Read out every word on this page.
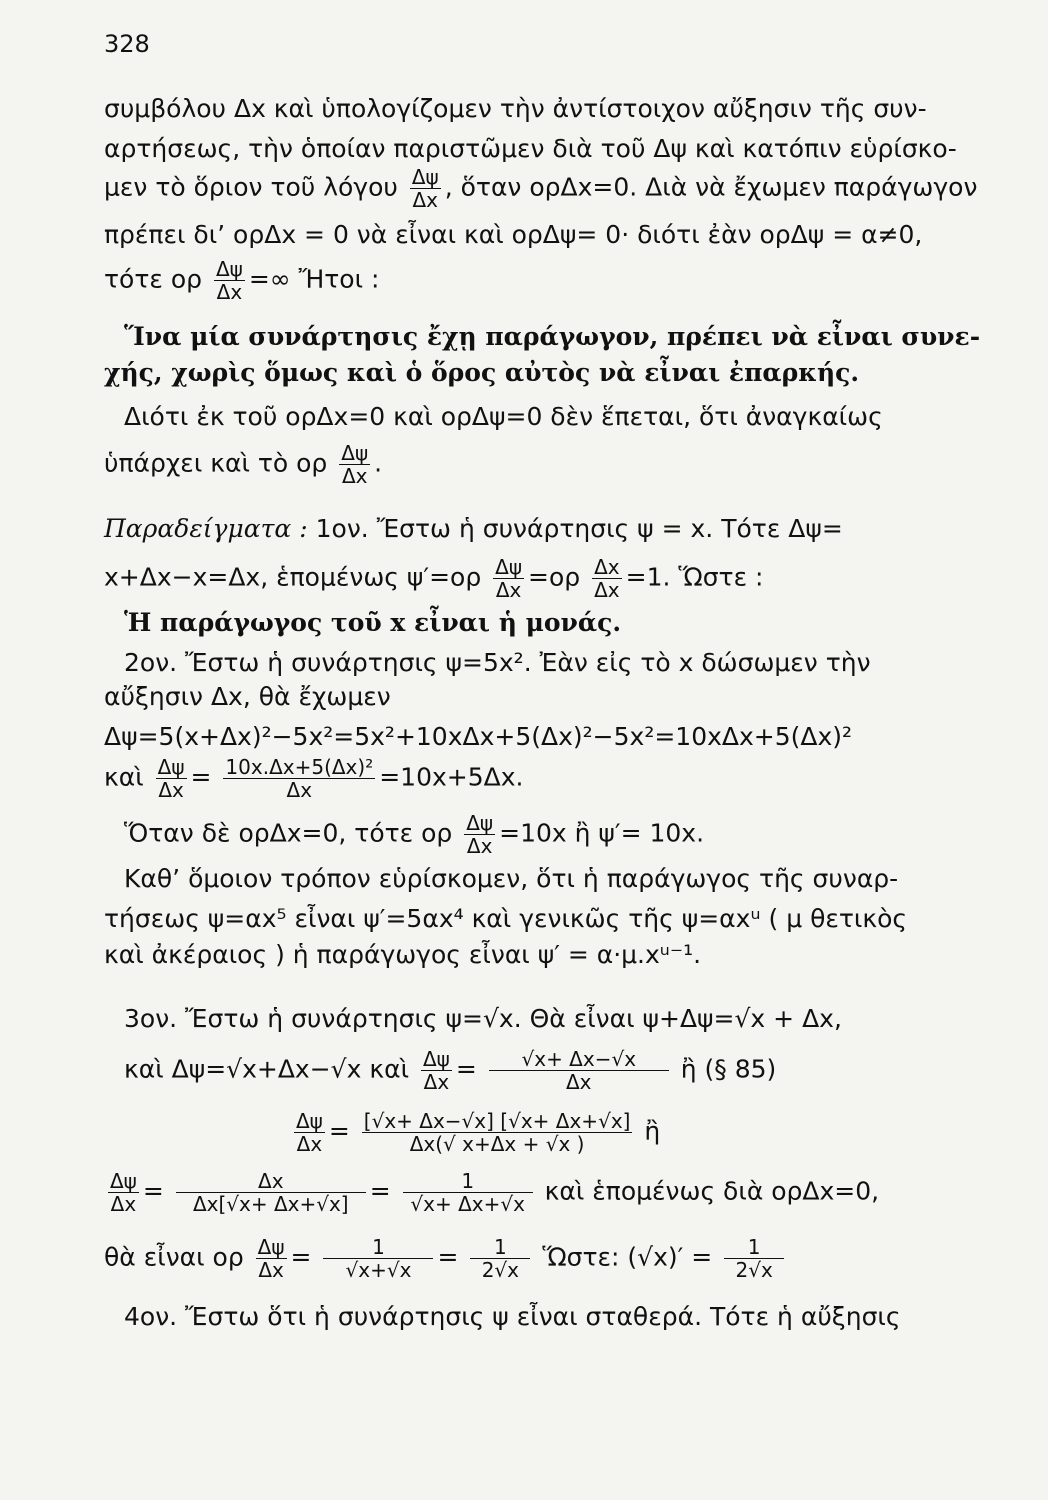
328
συμβόλου Δx καὶ ὑπολογίζομεν τὴν ἀντίστοιχον αὔξησιν τῆς συν-
αρτήσεως, τὴν ὁποίαν παριστῶμεν διὰ τοῦ Δψ καὶ κατόπιν εὑρίσκο-
μεν τὸ ὅριον τοῦ λόγου $\frac{\Delta\psi}{\Delta x}$ , ὅταν ορΔx=0. Διὰ νὰ ἔχωμεν παράγωγον
πρέπει δι’ ορΔx = 0 νὰ εἶναι καὶ ορΔψ= 0· διότι ἐὰν ορΔψ = α≠0,
τότε ορ $\frac{\Delta\psi}{\Delta x}$ =∞ Ἤτοι :
Ἵνα μία συνάρτησις ἔχῃ παράγωγον, πρέπει νὰ εἶναι συνε-
χής, χωρὶς ὅμως καὶ ὁ ὅρος αὐτὸς νὰ εἶναι ἐπαρκής.
Διότι ἐκ τοῦ ορΔx=0 καὶ ορΔψ=0 δὲν ἕπεται, ὅτι ἀναγκαίως
ὑπάρχει καὶ τὸ ορ $\frac{\Delta\psi}{\Delta x}$ .
Παραδείγματα : 1ον. Ἔστω ἡ συνάρτησις ψ = x. Τότε Δψ=
x+Δx−x=Δx, ἑπομένως $\psi'=o\rho \frac{\Delta\psi}{\Delta x} =o\rho \frac{\Delta x}{\Delta x} =1$. Ὥστε :
Ἡ παράγωγος τοῦ x εἶναι ἡ μονάς.
2ον. Ἔστω ἡ συνάρτησις ψ=5x². Ἐὰν εἰς τὸ x δώσωμεν τὴν
αὔξησιν Δx, θὰ ἔχωμεν
Δψ=5(x+Δx)²−5x²=5x²+10xΔx+5(Δx)²−5x²=10xΔx+5(Δx)²
καὶ $\frac{\Delta\psi}{\Delta x} = \frac{\text{10x.Δx+5(Δx)²}}{\Delta x} =10x+5\Delta x$.
Ὅταν δὲ ορΔx=0, τότε ορ $\frac{\Delta\psi}{\Delta x} =10x$ ἢ ψ′= 10x.
Καθ’ ὅμοιον τρόπον εὑρίσκομεν, ὅτι ἡ παράγωγος τῆς συναρ-
τήσεως ψ=αx⁵ εἶναι ψ′=5αx⁴ καὶ γενικῶς τῆς ψ=αxᵘ ( μ θετικὸς
καὶ ἀκέραιος ) ἡ παράγωγος εἶναι ψ′ = α·μ.xᵘ⁻¹.
3ον. Ἔστω ἡ συνάρτησις ψ=√x. Θὰ εἶναι ψ+Δψ=√x + Δx,
καὶ Δψ=√x+Δx−√x καὶ $\frac{\Delta\psi}{\Delta x} = \frac{√x+ \Delta x-√x}{\Delta x}$ ἢ (§ 85)
$\frac{\Delta\psi}{\Delta x} = \frac{[√x+ \Delta x-√x] [√x+ \Delta x+√x]}{\Delta x(√ x+\Delta x + √x )}$ ἢ
$\frac{\Delta\psi}{\Delta x} = \frac{\Delta x}{\Delta x[√x+ \Delta x+√x]} = \frac{1}{√x+ \Delta x+√x}$ καὶ ἑπομένως διὰ ορΔx=0,
θὰ εἶναι ορ $\frac{\Delta\psi}{\Delta x} = \frac{1}{√x+√x} = \frac{1}{2√x}$ Ὥστε: $(√x)' = \frac{1}{2√x}$
4ον. Ἔστω ὅτι ἡ συνάρτησις ψ εἶναι σταθερά. Τότε ἡ αὔξησις
